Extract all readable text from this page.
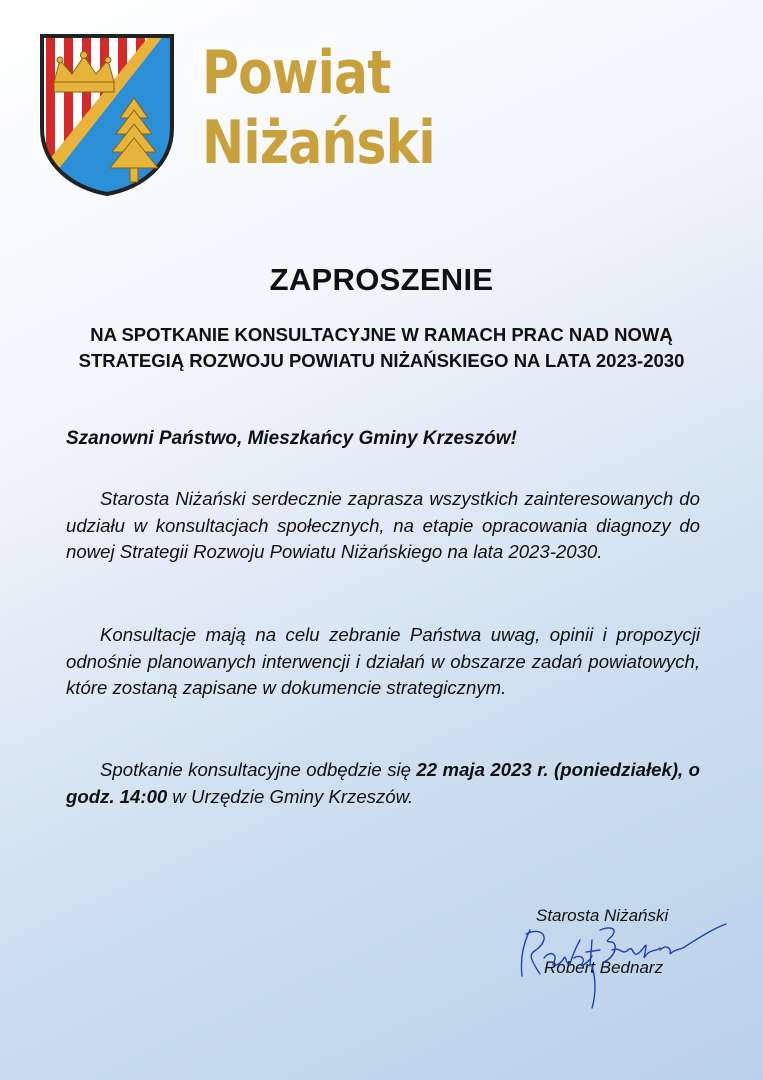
Powiat
Niżański
ZAPROSZENIE
NA SPOTKANIE KONSULTACYJNE W RAMACH PRAC NAD NOWĄ STRATEGIĄ ROZWOJU POWIATU NIŻAŃSKIEGO NA LATA 2023-2030
Szanowni Państwo, Mieszkańcy Gminy Krzeszów!
Starosta Niżański serdecznie zaprasza wszystkich zainteresowanych do udziału w konsultacjach społecznych, na etapie opracowania diagnozy do nowej Strategii Rozwoju Powiatu Niżańskiego na lata 2023-2030.
Konsultacje mają na celu zebranie Państwa uwag, opinii i propozycji odnośnie planowanych interwencji i działań w obszarze zadań powiatowych, które zostaną zapisane w dokumencie strategicznym.
Spotkanie konsultacyjne odbędzie się 22 maja 2023 r. (poniedziałek), o godz. 14:00 w Urzędzie Gminy Krzeszów.
Starosta Niżański
Robert Bednarz
